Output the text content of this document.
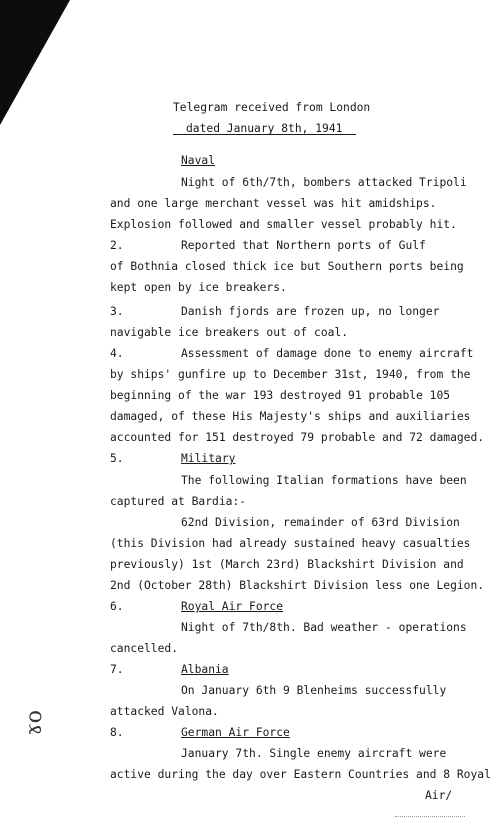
ɤo
Telegram received from London
dated January 8th, 1941
Naval
Night of 6th/7th, bombers attacked Tripoli
and one large merchant vessel was hit amidships.
Explosion followed and smaller vessel probably hit.
2.	Reported that Northern ports of Gulf
of Bothnia closed thick ice but Southern ports being
kept open by ice breakers.
3.	Danish fjords are frozen up, no longer
navigable ice breakers out of coal.
4.	Assessment of damage done to enemy aircraft
by ships' gunfire up to December 31st, 1940, from the
beginning of the war 193 destroyed 91 probable 105
damaged, of these His Majesty's ships and auxiliaries
accounted for 151 destroyed 79 probable and 72 damaged.
5.	Military
The following Italian formations have been
captured at Bardia:-
62nd Division, remainder of 63rd Division
(this Division had already sustained heavy casualties
previously) 1st (March 23rd) Blackshirt Division and
2nd (October 28th) Blackshirt Division less one Legion.
6.	Royal Air Force
Night of 7th/8th. Bad weather - operations
cancelled.
7.	Albania
On January 6th 9 Blenheims successfully
attacked Valona.
8.	German Air Force
January 7th. Single enemy aircraft were
active during the day over Eastern Countries and 8 Royal
Air/
